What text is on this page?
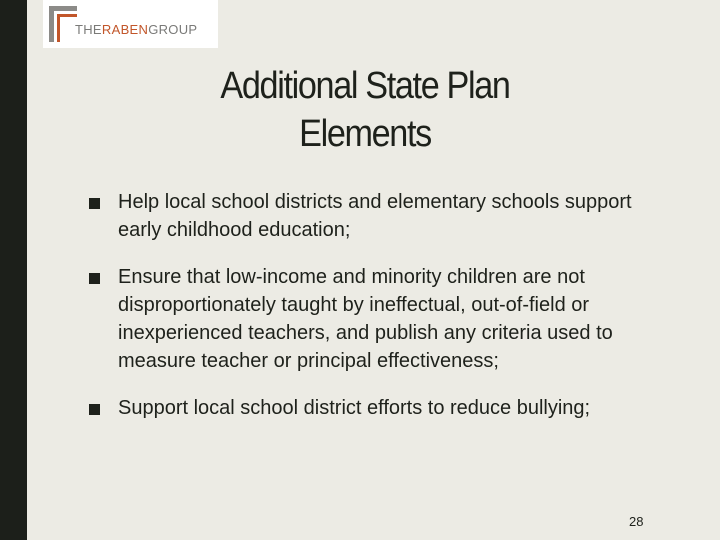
THERABENGROUP
Additional State Plan
Elements
Help local school districts and elementary schools support early childhood education;
Ensure that low-income and minority children are not disproportionately taught by ineffectual, out-of-field or inexperienced teachers, and publish any criteria used to measure teacher or principal effectiveness;
Support local school district efforts to reduce bullying;
28
